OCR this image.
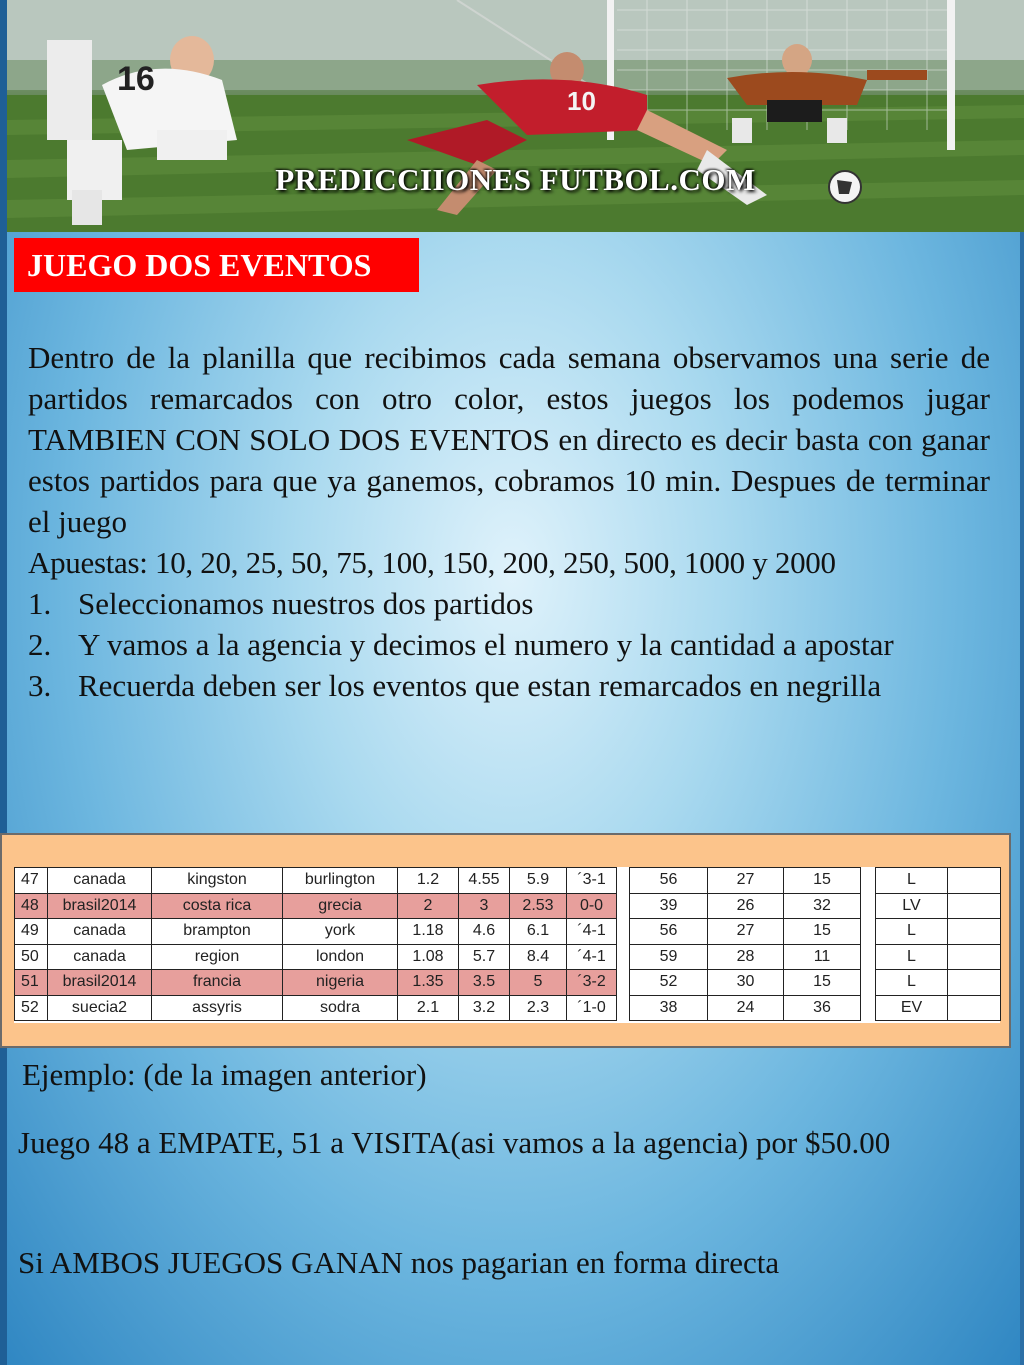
16
10
PREDICCIIONES FUTBOL.COM
JUEGO DOS EVENTOS

Dentro de la planilla que recibimos cada semana observamos una serie de partidos remarcados con otro color, estos juegos los podemos jugar TAMBIEN CON SOLO DOS EVENTOS en directo es decir basta con ganar estos partidos para que ya ganemos, cobramos 10 min. Despues de terminar el juego

Apuestas: 10, 20, 25, 50, 75, 100, 150, 200, 250, 500, 1000 y 2000
1. Seleccionamos nuestros dos partidos
2. Y vamos a la agencia y decimos el numero y la cantidad a apostar
3. Recuerda deben ser los eventos que estan remarcados en negrilla
47	canada	kingston	burlington	1.2	4.55	5.9	´3-1		56	27	15		L	
48	brasil2014	costa rica	grecia	2	3	2.53	0-0		39	26	32		LV	
49	canada	brampton	york	1.18	4.6	6.1	´4-1		56	27	15		L	
50	canada	region	london	1.08	5.7	8.4	´4-1		59	28	11		L	
51	brasil2014	francia	nigeria	1.35	3.5	5	´3-2		52	30	15		L	
52	suecia2	assyris	sodra	2.1	3.2	2.3	´1-0		38	24	36		EV	
Ejemplo: (de la imagen anterior)

Juego 48 a EMPATE, 51 a VISITA(asi vamos a la agencia) por $50.00

Si AMBOS JUEGOS GANAN nos pagarian en forma directa
